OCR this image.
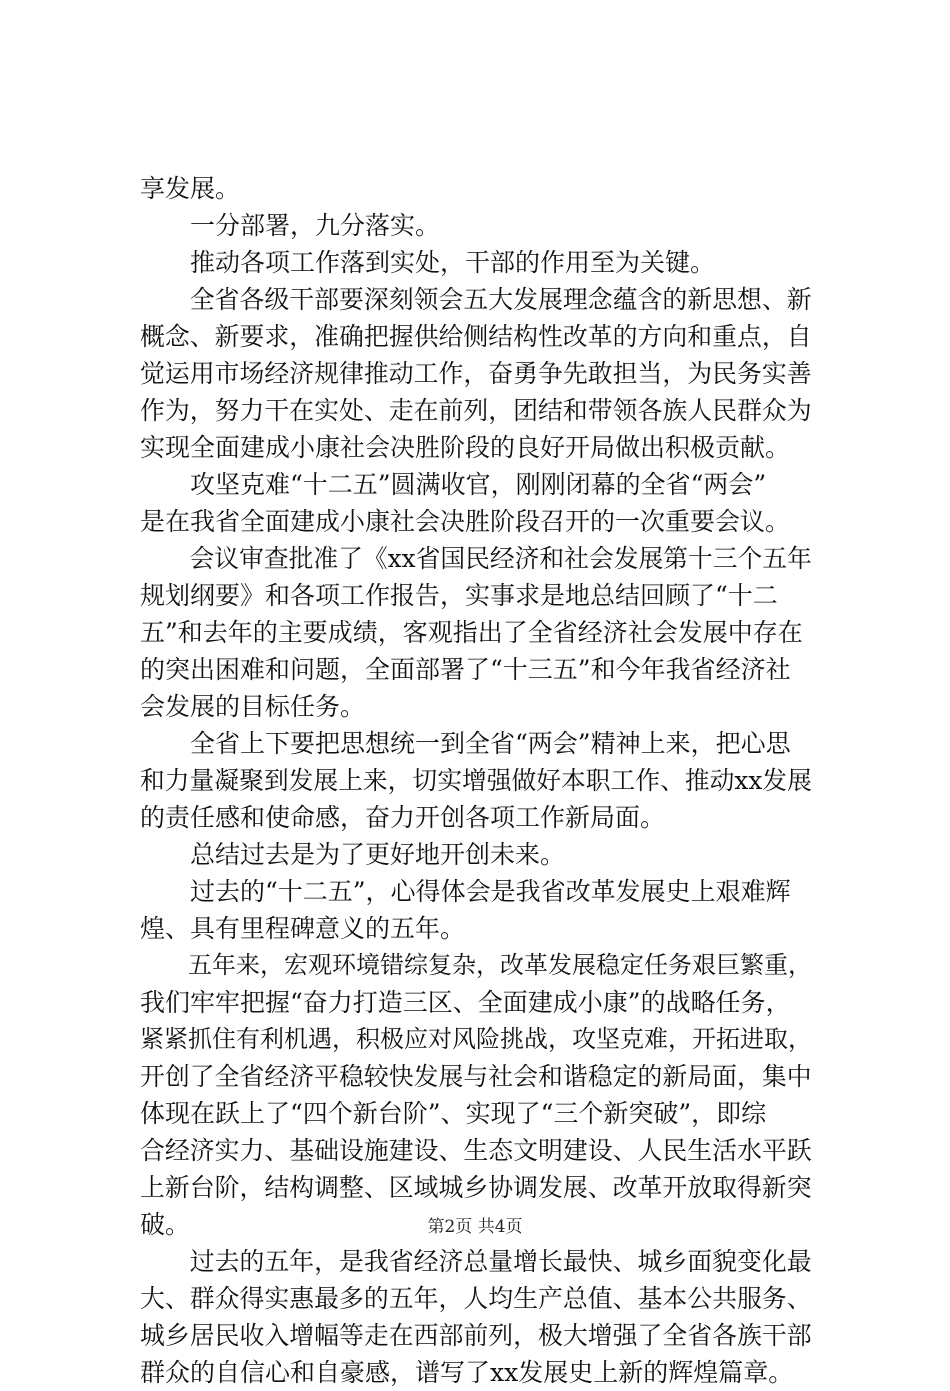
享发展。
　　一分部署，九分落实。
　　推动各项工作落到实处，干部的作用至为关键。
　　全省各级干部要深刻领会五大发展理念蕴含的新思想、新
概念、新要求，准确把握供给侧结构性改革的方向和重点，自
觉运用市场经济规律推动工作，奋勇争先敢担当，为民务实善
作为，努力干在实处、走在前列，团结和带领各族人民群众为
实现全面建成小康社会决胜阶段的良好开局做出积极贡献。
　　攻坚克难“十二五”圆满收官，刚刚闭幕的全省“两会”
是在我省全面建成小康社会决胜阶段召开的一次重要会议。
　　会议审查批准了《xx省国民经济和社会发展第十三个五年
规划纲要》和各项工作报告，实事求是地总结回顾了“十二
五”和去年的主要成绩，客观指出了全省经济社会发展中存在
的突出困难和问题，全面部署了“十三五”和今年我省经济社
会发展的目标任务。
　　全省上下要把思想统一到全省“两会”精神上来，把心思
和力量凝聚到发展上来，切实增强做好本职工作、推动xx发展
的责任感和使命感，奋力开创各项工作新局面。
　　总结过去是为了更好地开创未来。
　　过去的“十二五”，心得体会是我省改革发展史上艰难辉
煌、具有里程碑意义的五年。
　　五年来，宏观环境错综复杂，改革发展稳定任务艰巨繁重，
我们牢牢把握“奋力打造三区、全面建成小康”的战略任务，
紧紧抓住有利机遇，积极应对风险挑战，攻坚克难，开拓进取，
开创了全省经济平稳较快发展与社会和谐稳定的新局面，集中
体现在跃上了“四个新台阶”、实现了“三个新突破”，即综
合经济实力、基础设施建设、生态文明建设、人民生活水平跃
上新台阶，结构调整、区域城乡协调发展、改革开放取得新突
破。
　　过去的五年，是我省经济总量增长最快、城乡面貌变化最
大、群众得实惠最多的五年，人均生产总值、基本公共服务、
城乡居民收入增幅等走在西部前列，极大增强了全省各族干部
群众的自信心和自豪感，谱写了xx发展史上新的辉煌篇章。
第2页 共4页
